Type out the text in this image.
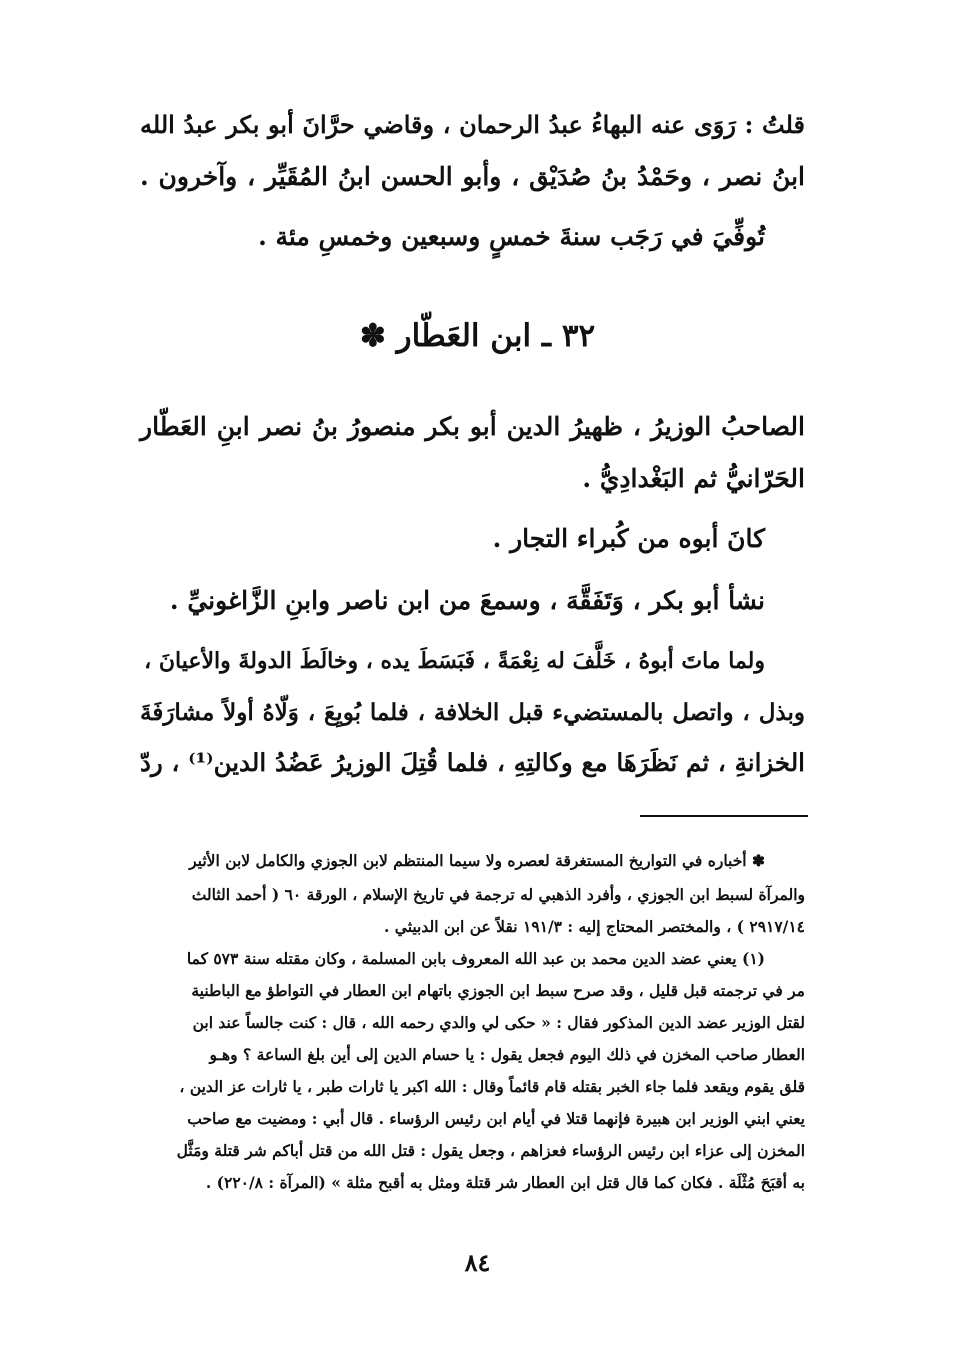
قلتُ : رَوَى عنه البهاءُ عبدُ الرحمان ، وقاضي حرَّانَ أبو بكر عبدُ الله
ابنُ نصر ، وحَمْدُ بنُ صُدَيْق ، وأبو الحسن ابنُ المُقَيِّر ، وآخرون .
تُوفِّيَ في رَجَب سنةَ خمسٍ وسبعين وخمسِ مئة .
٣٢ ـ ابن العَطّار ✽
الصاحبُ الوزيرُ ، ظهيرُ الدين أبو بكر منصورُ بنُ نصر ابنِ العَطّار
الحَرّانيُّ ثم البَغْدادِيُّ .
كانَ أبوه من كُبراء التجار .
نشأ أبو بكر ، وَتَفَقَّهَ ، وسمعَ من ابن ناصر وابنِ الزَّاغونيِّ .
ولما ماتَ أبوهُ ، خَلَّفَ له نِعْمَةً ، فَبَسَطَ يده ، وخالَطَ الدولةَ والأعيانَ ،
وبذل ، واتصل بالمستضيء قبل الخلافة ، فلما بُويِعَ ، وَلّاهُ أولاً مشارَفَةَ
الخزانةِ ، ثم نَظَرَهَا مع وكالتِهِ ، فلما قُتِلَ الوزيرُ عَضُدُ الدين⁽¹⁾ ، ردّ
✽ أخباره في التواريخ المستغرقة لعصره ولا سيما المنتظم لابن الجوزي والكامل لابن الأثير
والمرآة لسبط ابن الجوزي ، وأفرد الذهبي له ترجمة في تاريخ الإسلام ، الورقة ٦٠ ( أحمد الثالث
٢٩١٧/١٤ ) ، والمختصر المحتاج إليه : ١٩١/٣ نقلاً عن ابن الدبيثي .
(١) يعني عضد الدين محمد بن عبد الله المعروف بابن المسلمة ، وكان مقتله سنة ٥٧٣ كما
مر في ترجمته قبل قليل ، وقد صرح سبط ابن الجوزي باتهام ابن العطار في التواطؤ مع الباطنية
لقتل الوزير عضد الدين المذكور فقال : « حكى لي والدي رحمه الله ، قال : كنت جالساً عند ابن
العطار صاحب المخزن في ذلك اليوم فجعل يقول : يا حسام الدين إلى أين بلغ الساعة ؟ وهـو
قلق يقوم ويقعد فلما جاء الخبر بقتله قام قائماً وقال : الله اكبر يا ثارات طبر ، يا ثارات عز الدين ،
يعني ابني الوزير ابن هبيرة فإنهما قتلا في أيام ابن رئيس الرؤساء . قال أبي : ومضيت مع صاحب
المخزن إلى عزاء ابن رئيس الرؤساء فعزاهم ، وجعل يقول : قتل الله من قتل أباكم شر قتلة ومَثَّل
به أقبَحَ مُثْلَة . فكان كما قال قتل ابن العطار شر قتلة ومثل به أقبح مثلة » (المرآة : ٢٢٠/٨) .
٨٤
